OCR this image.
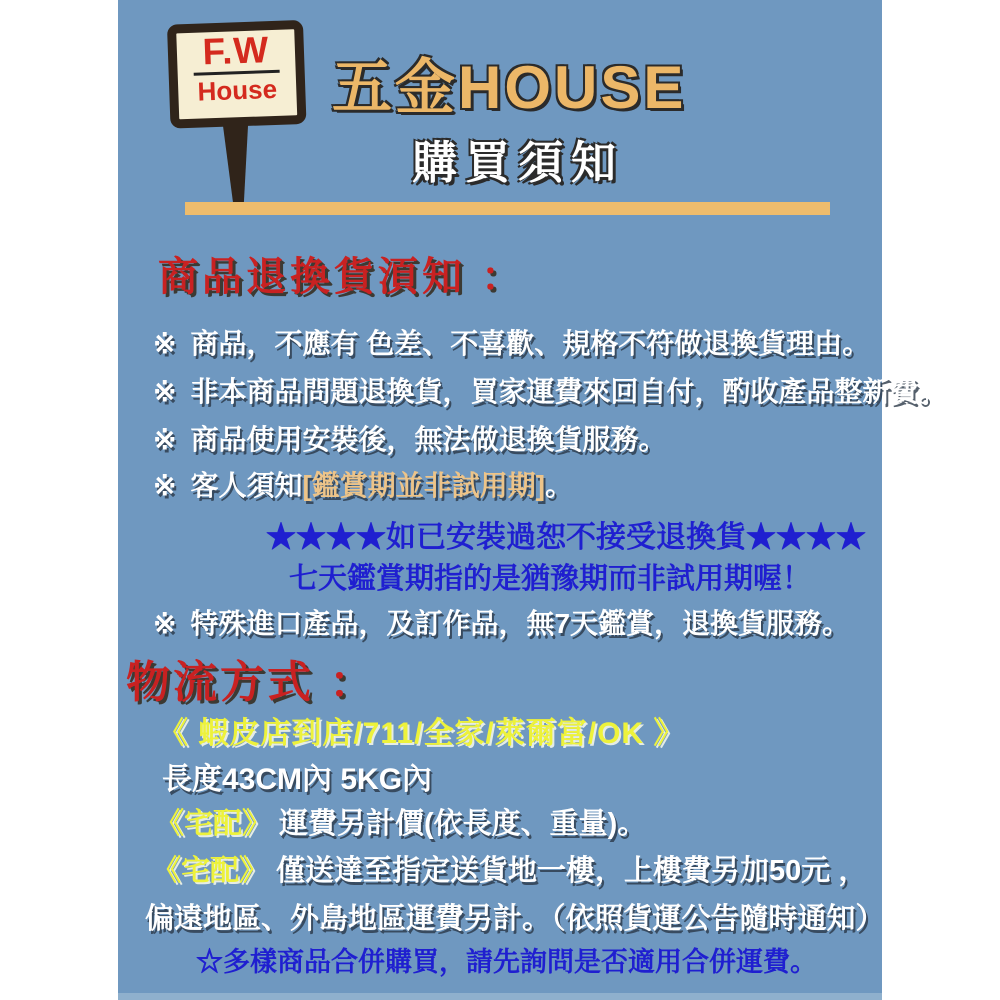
F.W
House 五金HOUSE
購買須知
商品退換貨湏知 ：
※ 商品，不應有 色差、不喜歡、規格不符做退換貨理由。
※ 非本商品問題退換貨，買家運費來回自付，酌收產品整新費。
※ 商品使用安裝後，無法做退換貨服務。
※ 客人須知[鑑賞期並非試用期]。
★★★★如已安裝過恕不接受退換貨★★★★
七天鑑賞期指的是猶豫期而非試用期喔！
※ 特殊進口產品，及訂作品，無7天鑑賞，退換貨服務。
物流方式 ：
《 蝦皮店到店/711/全家/萊爾富/OK 》
長度43CM內 5KG內
《宅配》 運費另計價(依長度、重量)。
《宅配》 僅送達至指定送貨地一樓，上樓費另加50元 ，
偏遠地區、外島地區運費另計。（依照貨運公告隨時通知）
☆多樣商品合併購買，請先詢問是否適用合併運費。
